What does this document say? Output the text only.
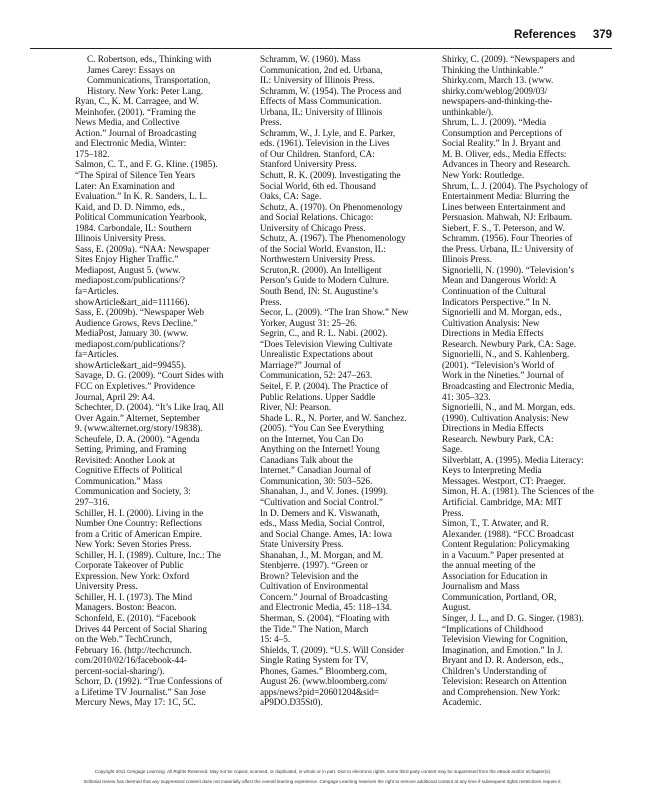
References 379
C. Robertson, eds., Thinking with
James Carey: Essays on
Communications, Transportation,
History. New York: Peter Lang.
Ryan, C., K. M. Carragee, and W.
Meinhofer. (2001). “Framing the
News Media, and Collective
Action.” Journal of Broadcasting
and Electronic Media, Winter:
175–182.
Salmon, C. T., and F. G. Kline. (1985).
“The Spiral of Silence Ten Years
Later: An Examination and
Evaluation.” In K. R. Sanders, L. L.
Kaid, and D. D. Nimmo, eds.,
Political Communication Yearbook,
1984. Carbondale, IL: Southern
Illinois University Press.
Sass, E. (2009a). “NAA: Newspaper
Sites Enjoy Higher Traffic.”
Mediapost, August 5. (www.
mediapost.com/publications/?
fa=Articles.
showArticle&art_aid=111166).
Sass, E. (2009b). “Newspaper Web
Audience Grows, Revs Decline.”
MediaPost, January 30. (www.
mediapost.com/publications/?
fa=Articles.
showArticle&art_aid=99455).
Savage, D. G. (2009). “Court Sides with
FCC on Expletives.” Providence
Journal, April 29: A4.
Schechter, D. (2004). “It’s Like Iraq, All
Over Again.” Alternet, September
9. (www.alternet.org/story/19838).
Scheufele, D. A. (2000). “Agenda
Setting, Priming, and Framing
Revisited: Another Look at
Cognitive Effects of Political
Communication.” Mass
Communication and Society, 3:
297–316.
Schiller, H. I. (2000). Living in the
Number One Country: Reflections
from a Critic of American Empire.
New York: Seven Stories Press.
Schiller, H. I. (1989). Culture, Inc.: The
Corporate Takeover of Public
Expression. New York: Oxford
University Press.
Schiller, H. I. (1973). The Mind
Managers. Boston: Beacon.
Schonfeld, E. (2010). “Facebook
Drives 44 Percent of Social Sharing
on the Web.” TechCrunch,
February 16. (http://techcrunch.
com/2010/02/16/facebook-44-
percent-social-sharing/).
Schorr, D. (1992). “True Confessions of
a Lifetime TV Journalist.” San Jose
Mercury News, May 17: 1C, 5C.
Schramm, W. (1960). Mass
Communication, 2nd ed. Urbana,
IL: University of Illinois Press.
Schramm, W. (1954). The Process and
Effects of Mass Communication.
Urbana, IL: University of Illinois
Press.
Schramm, W., J. Lyle, and E. Parker,
eds. (1961). Television in the Lives
of Our Children. Stanford, CA:
Stanford University Press.
Schutt, R. K. (2009). Investigating the
Social World, 6th ed. Thousand
Oaks, CA: Sage.
Schutz, A. (1970). On Phenomenology
and Social Relations. Chicago:
University of Chicago Press.
Schutz, A. (1967). The Phenomenology
of the Social World. Evanston, IL:
Northwestern University Press.
Scruton,R. (2000). An Intelligent
Person’s Guide to Modern Culture.
South Bend, IN: St. Augustine’s
Press.
Secor, L. (2009). “The Iran Show.” New
Yorker, August 31: 25–26.
Segrin, C., and R. L. Nabi. (2002).
“Does Television Viewing Cultivate
Unrealistic Expectations about
Marriage?” Journal of
Communication, 52: 247–263.
Seitel, F. P. (2004). The Practice of
Public Relations. Upper Saddle
River, NJ: Pearson.
Shade L. R., N. Porter, and W. Sanchez.
(2005). “You Can See Everything
on the Internet, You Can Do
Anything on the Internet! Young
Canadians Talk about the
Internet.” Canadian Journal of
Communication, 30: 503–526.
Shanahan, J., and V. Jones. (1999).
“Cultivation and Social Control.”
In D. Demers and K. Viswanath,
eds., Mass Media, Social Control,
and Social Change. Ames, IA: Iowa
State University Press.
Shanahan, J., M. Morgan, and M.
Stenbjerre. (1997). “Green or
Brown? Television and the
Cultivation of Environmental
Concern.” Journal of Broadcasting
and Electronic Media, 45: 118–134.
Sherman, S. (2004). “Floating with
the Tide.” The Nation, March
15: 4–5.
Shields, T. (2009). “U.S. Will Consider
Single Rating System for TV,
Phones, Games.” Bloomberg.com,
August 26. (www.bloomberg.com/
apps/news?pid=20601204&sid=
aP9DO.D35St0).
Shirky, C. (2009). “Newspapers and
Thinking the Unthinkable.”
Shirky.com, March 13. (www.
shirky.com/weblog/2009/03/
newspapers-and-thinking-the-
unthinkable/).
Shrum, L. J. (2009). “Media
Consumption and Perceptions of
Social Reality.” In J. Bryant and
M. B. Oliver, eds., Media Effects:
Advances in Theory and Research.
New York: Routledge.
Shrum, L. J. (2004). The Psychology of
Entertainment Media: Blurring the
Lines between Entertainment and
Persuasion. Mahwah, NJ: Erlbaum.
Siebert, F. S., T. Peterson, and W.
Schramm. (1956). Four Theories of
the Press. Urbana, IL: University of
Illinois Press.
Signorielli, N. (1990). “Television’s
Mean and Dangerous World: A
Continuation of the Cultural
Indicators Perspective.” In N.
Signorielli and M. Morgan, eds.,
Cultivation Analysis: New
Directions in Media Effects
Research. Newbury Park, CA: Sage.
Signorielli, N., and S. Kahlenberg.
(2001). “Television’s World of
Work in the Nineties.” Journal of
Broadcasting and Electronic Media,
41: 305–323.
Signorielli, N., and M. Morgan, eds.
(1990). Cultivation Analysis: New
Directions in Media Effects
Research. Newbury Park, CA:
Sage.
Silverblatt, A. (1995). Media Literacy:
Keys to Interpreting Media
Messages. Westport, CT: Praeger.
Simon, H. A. (1981). The Sciences of the
Artificial. Cambridge, MA: MIT
Press.
Simon, T., T. Atwater, and R.
Alexander. (1988). “FCC Broadcast
Content Regulation: Policymaking
in a Vacuum.” Paper presented at
the annual meeting of the
Association for Education in
Journalism and Mass
Communication, Portland, OR,
August.
Singer, J. L., and D. G. Singer. (1983).
“Implications of Childhood
Television Viewing for Cognition,
Imagination, and Emotion.” In J.
Bryant and D. R. Anderson, eds.,
Children’s Understanding of
Television: Research on Attention
and Comprehension. New York:
Academic.
Copyright 2011 Cengage Learning. All Rights Reserved. May not be copied, scanned, or duplicated, in whole or in part. Due to electronic rights, some third party content may be suppressed from the eBook and/or eChapter(s).
Editorial review has deemed that any suppressed content does not materially affect the overall learning experience. Cengage Learning reserves the right to remove additional content at any time if subsequent rights restrictions require it.
